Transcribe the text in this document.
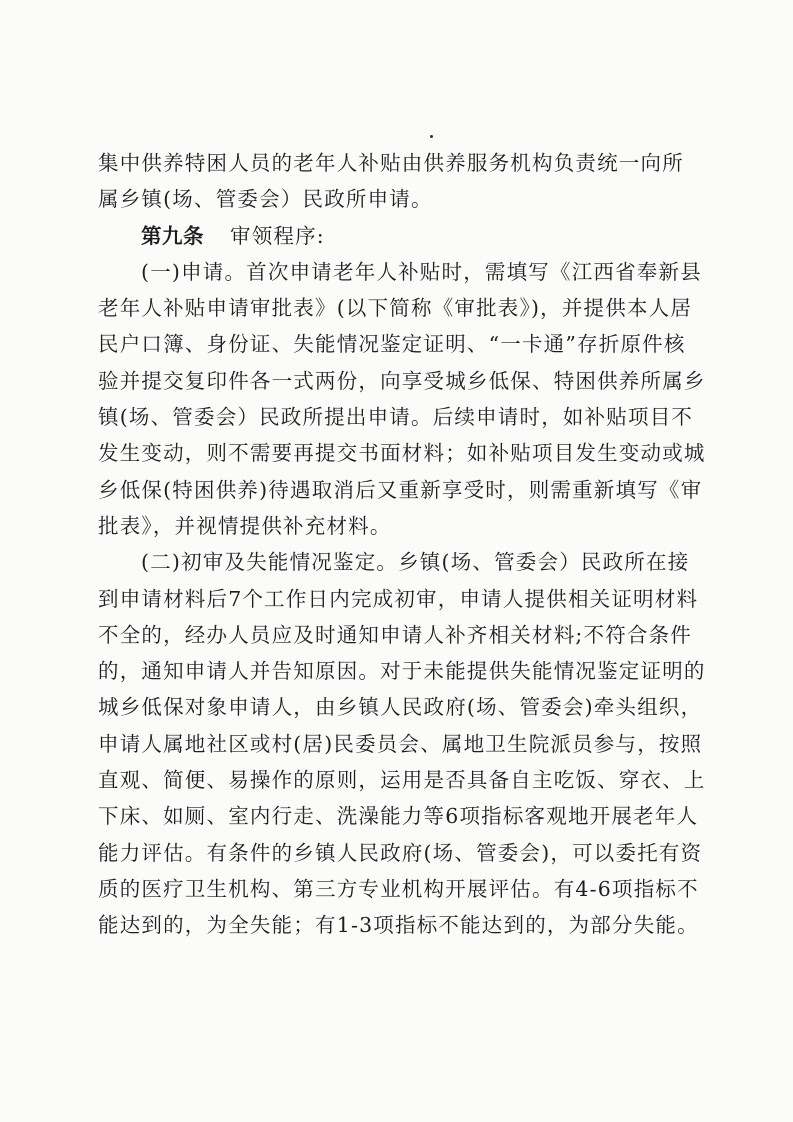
集中供养特困人员的老年人补贴由供养服务机构负责统一向所
属乡镇(场、管委会）民政所申请。
第九条 审领程序:
(一)申请。首次申请老年人补贴时，需填写《江西省奉新县
老年人补贴申请审批表》(以下简称《审批表》)，并提供本人居
民户口簿、身份证、失能情况鉴定证明、“一卡通”存折原件核
验并提交复印件各一式两份，向享受城乡低保、特困供养所属乡
镇(场、管委会）民政所提出申请。后续申请时，如补贴项目不
发生变动，则不需要再提交书面材料；如补贴项目发生变动或城
乡低保(特困供养)待遇取消后又重新享受时，则需重新填写《审
批表》，并视情提供补充材料。
(二)初审及失能情况鉴定。乡镇(场、管委会）民政所在接
到申请材料后7个工作日内完成初审，申请人提供相关证明材料
不全的，经办人员应及时通知申请人补齐相关材料;不符合条件
的，通知申请人并告知原因。对于未能提供失能情况鉴定证明的
城乡低保对象申请人，由乡镇人民政府(场、管委会)牵头组织，
申请人属地社区或村(居)民委员会、属地卫生院派员参与，按照
直观、简便、易操作的原则，运用是否具备自主吃饭、穿衣、上
下床、如厕、室内行走、洗澡能力等6项指标客观地开展老年人
能力评估。有条件的乡镇人民政府(场、管委会)，可以委托有资
质的医疗卫生机构、第三方专业机构开展评估。有4-6项指标不
能达到的，为全失能；有1-3项指标不能达到的，为部分失能。
